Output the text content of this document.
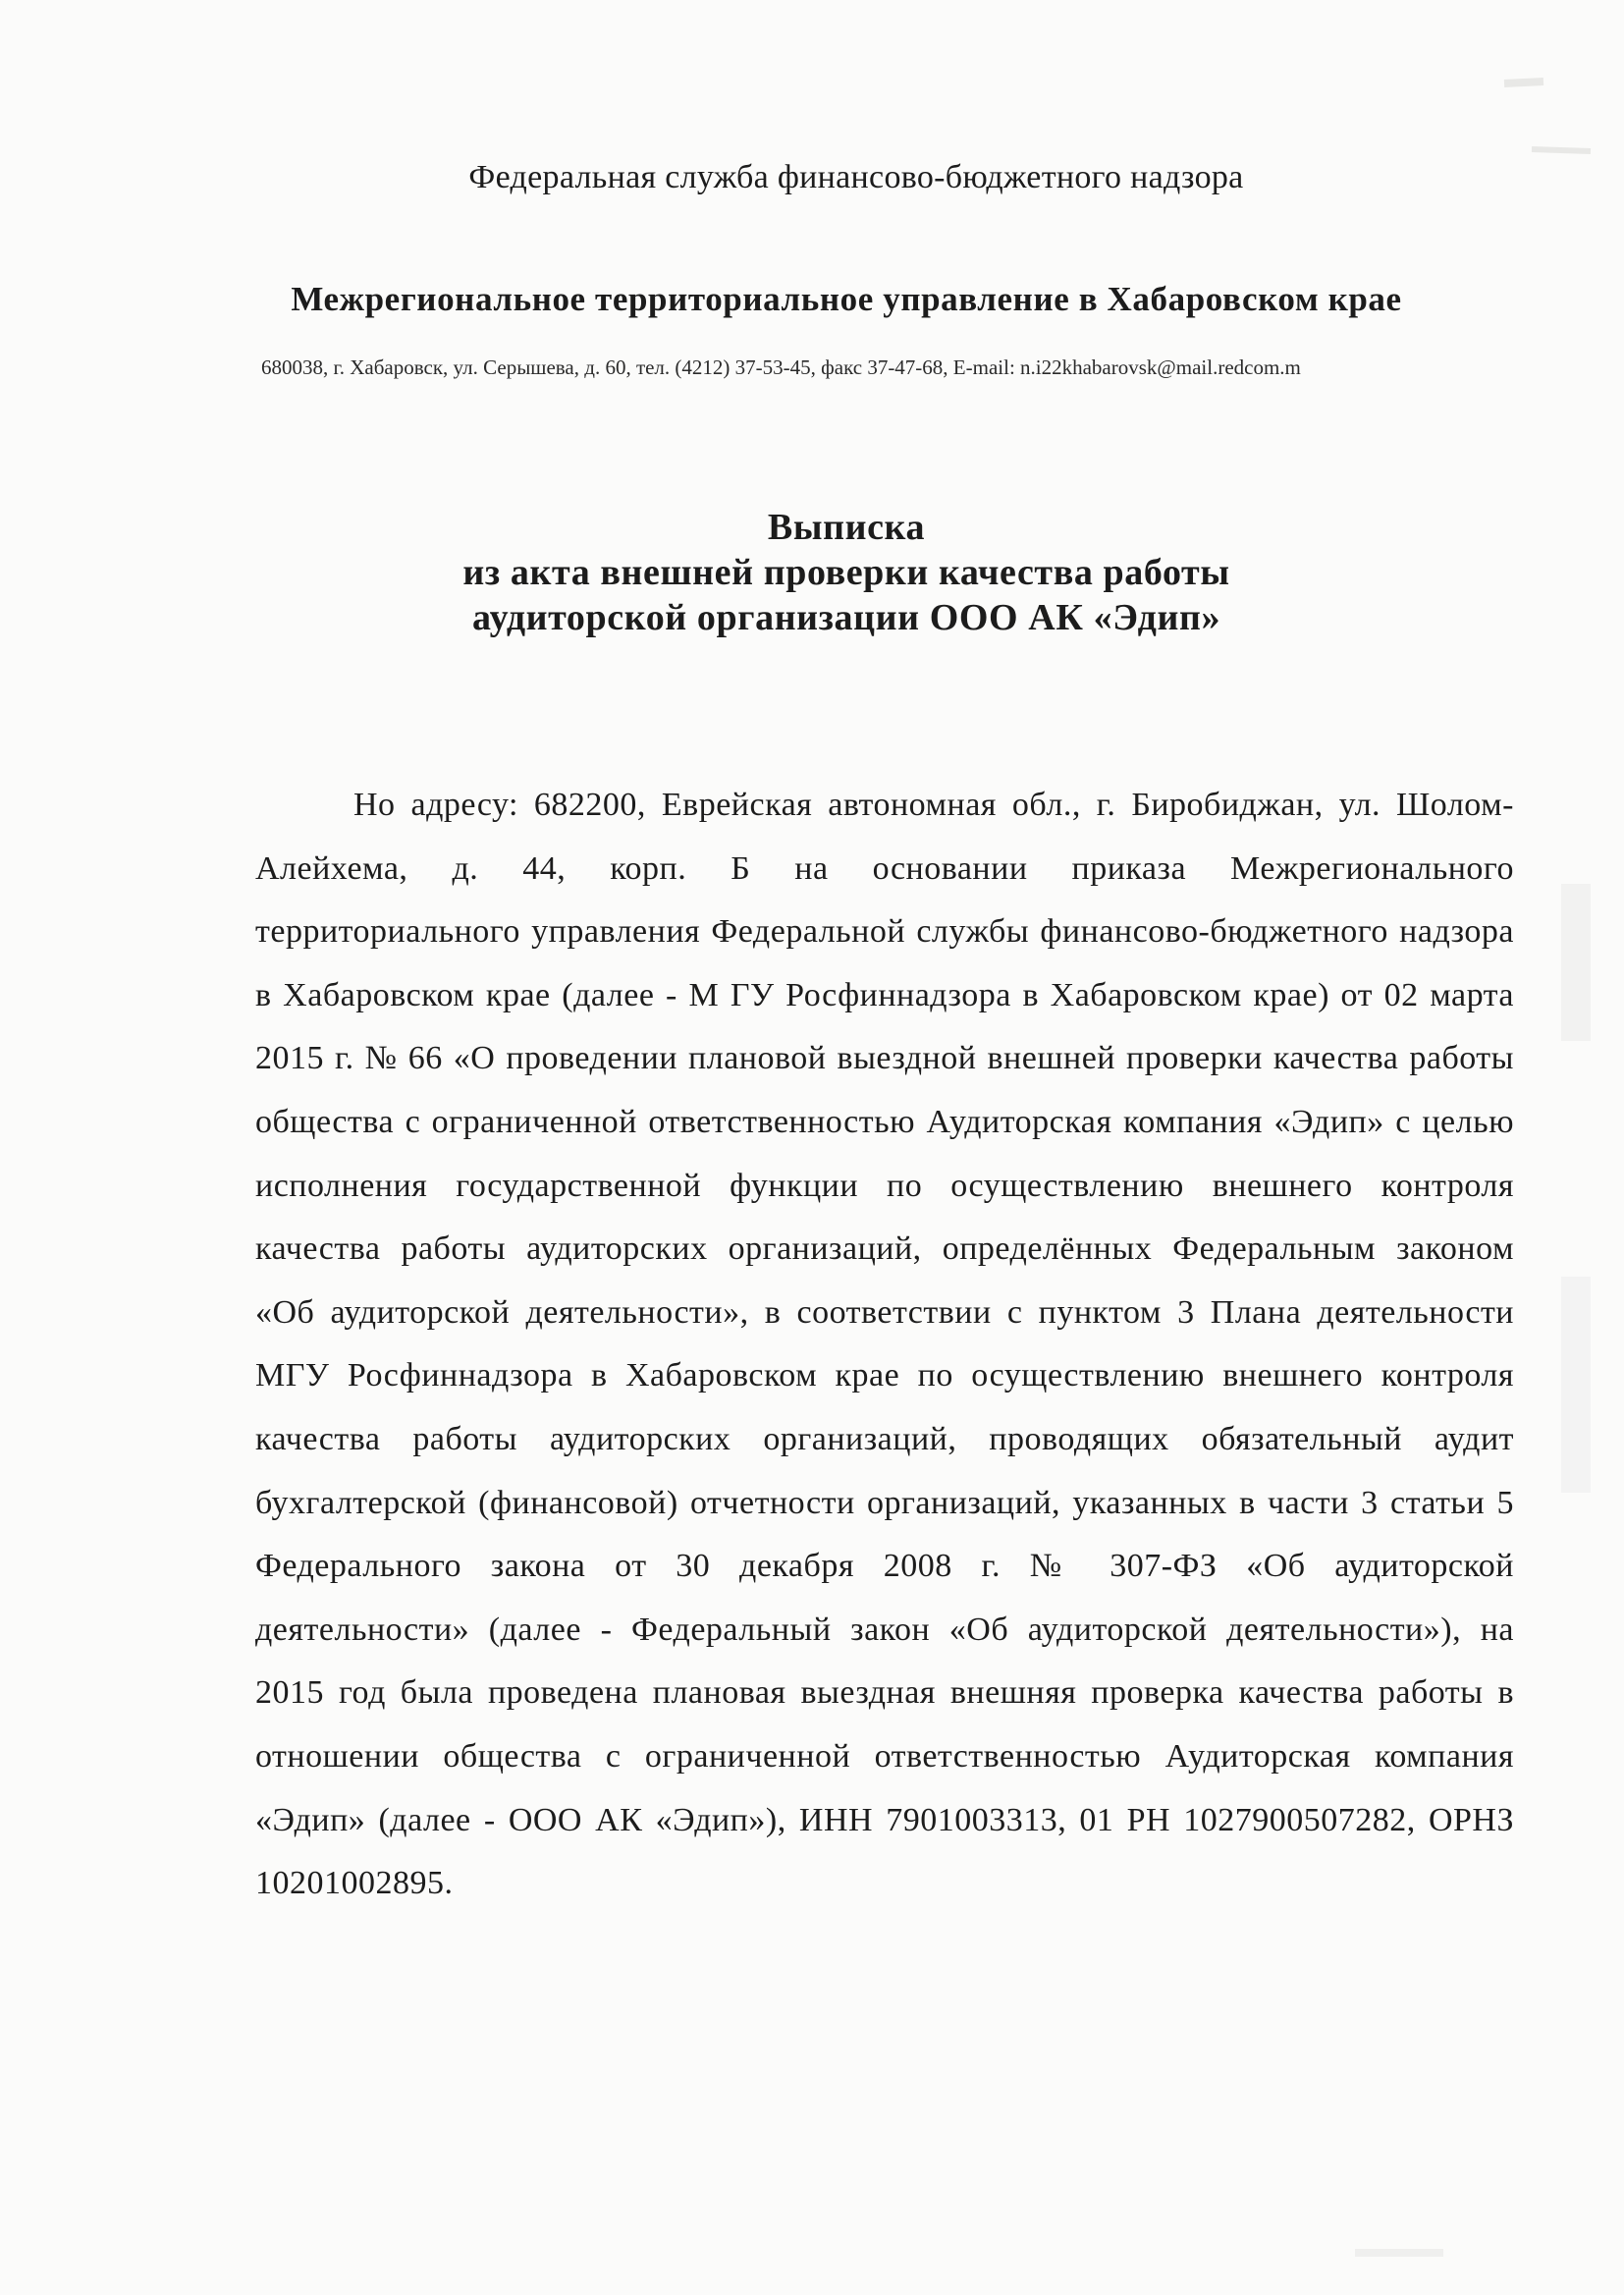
Федеральная служба финансово-бюджетного надзора
Межрегиональное территориальное управление в Хабаровском крае
680038, г. Хабаровск, ул. Серышева, д. 60, тел. (4212) 37-53-45, факс 37-47-68, E-mail: n.i22khabarovsk@mail.redcom.m
Выписка
из акта внешней проверки качества работы
аудиторской организации ООО АК «Эдип»

Но адресу: 682200, Еврейская автономная обл., г. Биробиджан, ул. Шолом-Алейхема, д. 44, корп. Б на основании приказа Межрегионального территориального управления Федеральной службы финансово-бюджетного надзора в Хабаровском крае (далее - М ГУ Росфиннадзора в Хабаровском крае) от 02 марта 2015 г. № 66 «О проведении плановой выездной внешней проверки качества работы общества с ограниченной ответственностью Аудиторская компания «Эдип» с целью исполнения государственной функции по осуществлению внешнего контроля качества работы аудиторских организаций, определённых Федеральным законом «Об аудиторской деятельности», в соответствии с пунктом 3 Плана деятельности МГУ Росфиннадзора в Хабаровском крае по осуществлению внешнего контроля качества работы аудиторских организаций, проводящих обязательный аудит бухгалтерской (финансовой) отчетности организаций, указанных в части 3 статьи 5 Федерального закона от 30 декабря 2008 г. № 307-ФЗ «Об аудиторской деятельности» (далее - Федеральный закон «Об аудиторской деятельности»), на 2015 год была проведена плановая выездная внешняя проверка качества работы в отношении общества с ограниченной ответственностью Аудиторская компания «Эдип» (далее - ООО АК «Эдип»), ИНН 7901003313, 01 РН 1027900507282, ОРНЗ 10201002895.
